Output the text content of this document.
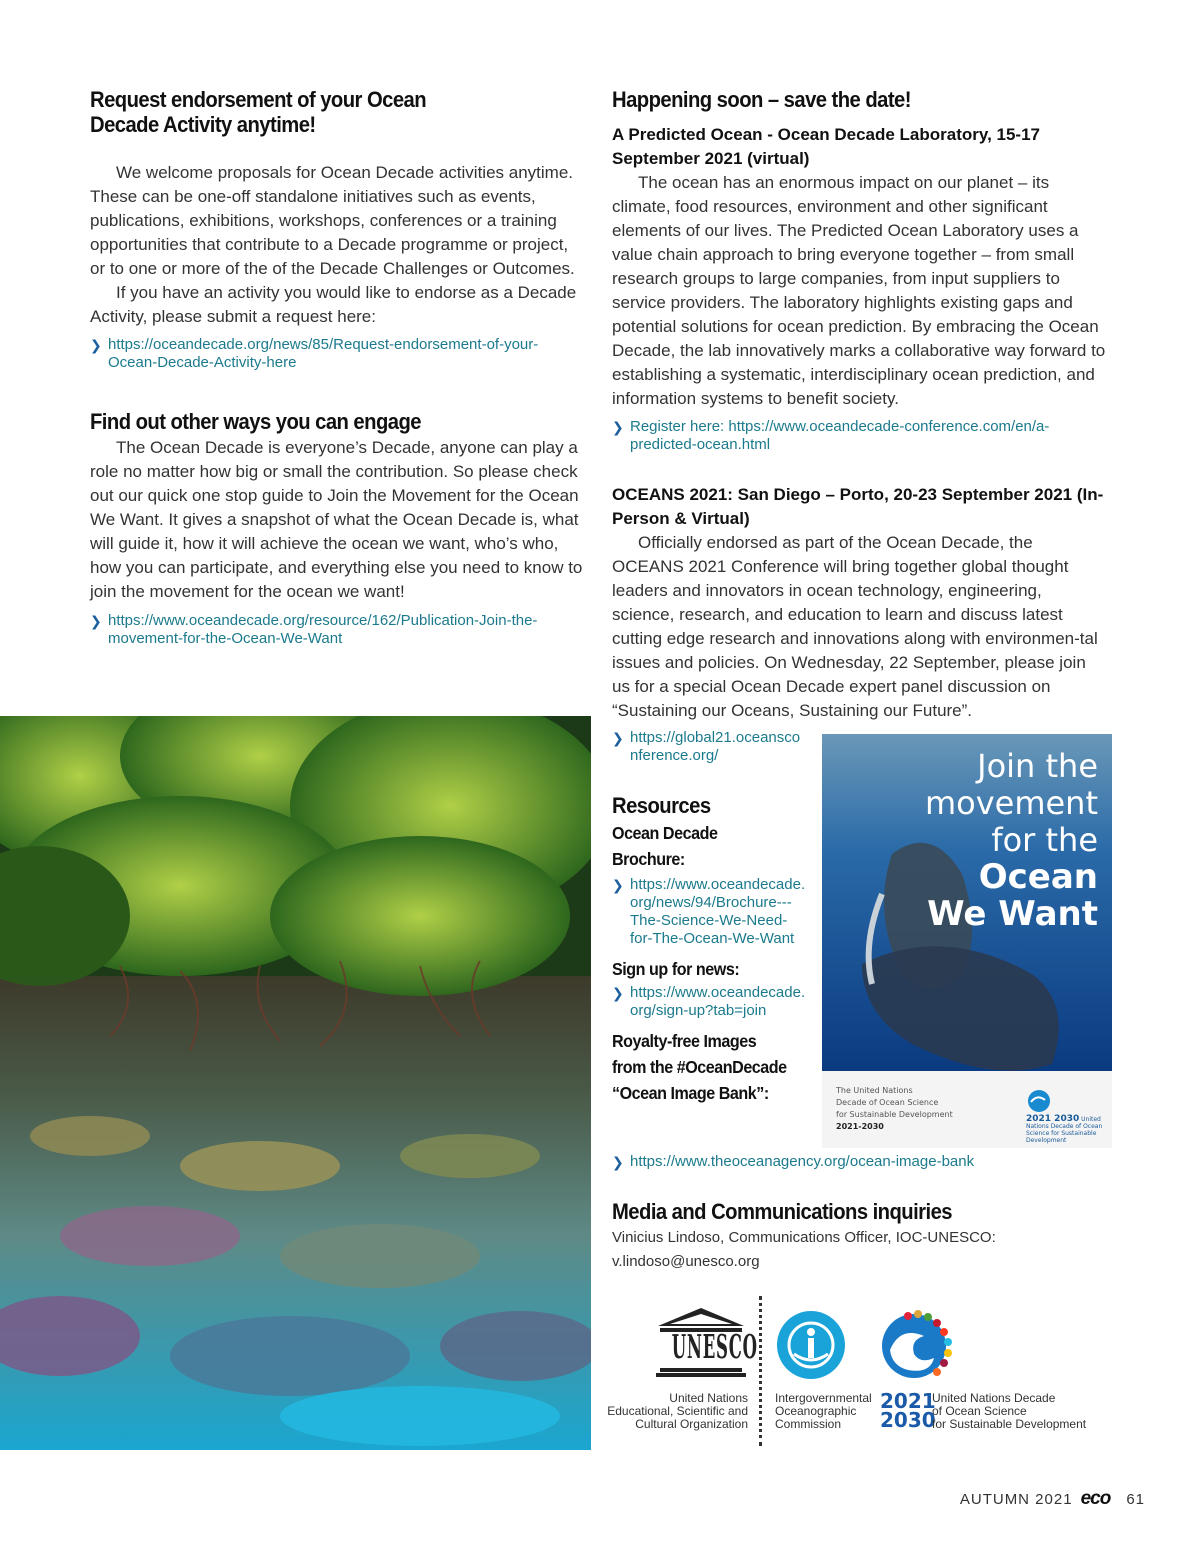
Request endorsement of your Ocean
Decade Activity anytime!

We welcome proposals for Ocean Decade activities anytime. These can be one-off standalone initiatives such as events, publications, exhibitions, workshops, conferences or a training opportunities that contribute to a Decade programme or project, or to one or more of the of the Decade Challenges or Outcomes.

If you have an activity you would like to endorse as a Decade Activity, please submit a request here:

❯ https://oceandecade.org/news/85/Request-endorsement-of-your-Ocean-Decade-Activity-here
Find out other ways you can engage

The Ocean Decade is everyone’s Decade, anyone can play a role no matter how big or small the contribution. So please check out our quick one stop guide to Join the Movement for the Ocean We Want. It gives a snapshot of what the Ocean Decade is, what will guide it, how it will achieve the ocean we want, who’s who, how you can participate, and everything else you need to know to join the movement for the ocean we want!

❯ https://www.oceandecade.org/resource/162/Publication-Join-the-movement-for-the-Ocean-We-Want
Happening soon – save the date!
A Predicted Ocean - Ocean Decade Laboratory, 15-17 September 2021 (virtual)

The ocean has an enormous impact on our planet – its climate, food resources, environment and other significant elements of our lives. The Predicted Ocean Laboratory uses a value chain approach to bring everyone together – from small research groups to large companies, from input suppliers to service providers. The laboratory highlights existing gaps and potential solutions for ocean prediction. By embracing the Ocean Decade, the lab innovatively marks a collaborative way forward to establishing a systematic, interdisciplinary ocean prediction, and information systems to benefit society.

❯ Register here: https://www.oceandecade-conference.com/en/a-predicted-ocean.html
OCEANS 2021: San Diego – Porto, 20-23 September 2021 (In-Person & Virtual)

Officially endorsed as part of the Ocean Decade, the OCEANS 2021 Conference will bring together global thought leaders and innovators in ocean technology, engineering, science, research, and education to learn and discuss latest cutting edge research and innovations along with environmen-tal issues and policies. On Wednesday, 22 September, please join us for a special Ocean Decade expert panel discussion on “Sustaining our Oceans, Sustaining our Future”.

❯ https://global21.oceansconference.org/
Resources
Ocean Decade Brochure:
❯ https://www.oceandecade.org/news/94/Brochure---The-Science-We-Need-for-The-Ocean-We-Want
Sign up for news:
❯ https://www.oceandecade.org/sign-up?tab=join
Royalty-free Images
from the #OceanDecade
“Ocean Image Bank”:
❯ https://www.theoceanagency.org/ocean-image-bank
Join the
movement
for the
Ocean
We Want
The United Nations
Decade of Ocean Science
for Sustainable Development
2021-2030
2021 2030 United Nations Decade of Ocean Science for Sustainable Development
Media and Communications inquiries

Vinicius Lindoso, Communications Officer, IOC-UNESCO: v.lindoso@unesco.org

UNESCO
United Nations
Educational, Scientific and
Cultural Organization
Intergovernmental
Oceanographic
Commission
2021
2030
United Nations Decade
of Ocean Science
for Sustainable Development
AUTUMN 2021 eco 61
